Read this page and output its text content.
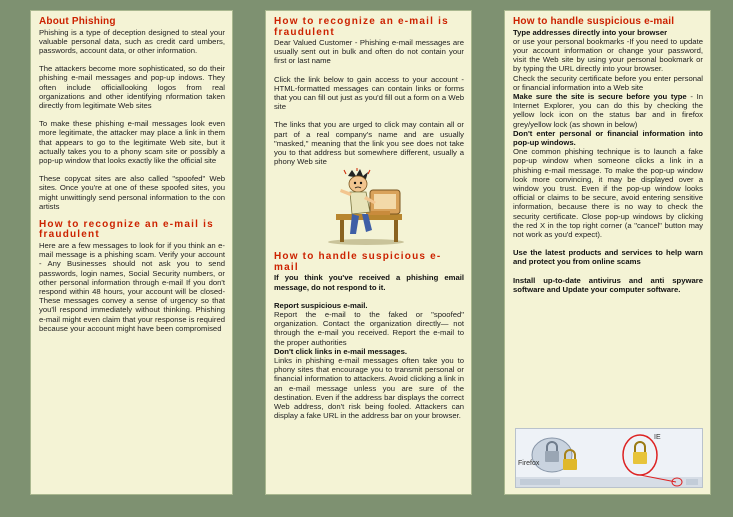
About Phishing

Phishing is a type of deception designed to steal your valuable personal data, such as credit card umbers, passwords, account data, or other information.

The attackers become more sophisticated, so do their phishing e-mail messages and pop-up indows. They often include officiallooking logos from real organizations and other identifying nformation taken directly from legitimate Web sites

To make these phishing e-mail messages look even more legitimate, the attacker may place a link in them that appears to go to the legitimate Web site, but it actually takes you to a phony scam site or possibly a pop-up window that looks exactly like the official site

These copycat sites are also called "spoofed" Web sites. Once you're at one of these spoofed sites, you might unwittingly send personal information to the con artists

How to recognize an e-mail is fraudulent

Here are a few messages to look for if you think an e-mail message is a phishing scam. Verify your account - Any Businesses should not ask you to send passwords, login names, Social Security numbers, or other personal information through e-mail If you don't respond within 48 hours, your account will be closed- These messages convey a sense of urgency so that you'll respond immediately without thinking. Phishing e-mail might even claim that your response is required because your account might have been compromised

How to recognize an e-mail is fraudulent

Dear Valued Customer - Phishing e-mail messages are usually sent out in bulk and often do not contain your first or last name

Click the link below to gain access to your account - HTML-formatted messages can contain links or forms that you can fill out just as you'd fill out a form on a Web site

The links that you are urged to click may contain all or part of a real company's name and are usually "masked," meaning that the link you see does not take you to that address but somewhere different, usually a phony Web site

How to handle suspicious e-mail

If you think you've received a phishing email message, do not respond to it.

Report suspicious e-mail.
Report the e-mail to the faked or "spoofed" organization. Contact the organization directly— not through the e-mail you received. Report the e-mail to the proper authorities
Don't click links in e-mail messages.
Links in phishing e-mail messages often take you to phony sites that encourage you to transmit personal or financial information to attackers. Avoid clicking a link in an e-mail message unless you are sure of the destination. Even if the address bar displays the correct Web address, don't risk being fooled. Attackers can display a fake URL in the address bar on your browser.
How to handle suspicious e-mail
Type addresses directly into your browser
or use your personal bookmarks -If you need to update your account information or change your password, visit the Web site by using your personal bookmark or by typing the URL directly into your browser.
Check the security certificate before you enter personal or financial information into a Web site
Make sure the site is secure before you type - In Internet Explorer, you can do this by checking the yellow lock icon on the status bar and in firefox grey/yellow lock (as shown in below)
Don't enter personal or financial information into pop-up windows.

One common phishing technique is to launch a fake pop-up window when someone clicks a link in a phishing e-mail message. To make the pop-up window look more convincing, it may be displayed over a window you trust. Even if the pop-up window looks official or claims to be secure, avoid entering sensitive information, because there is no way to check the security certificate. Close pop-up windows by clicking the red X in the top right corner (a "cancel" button may not work as you'd expect).

Use the latest products and services to help warn and protect you from online scams

Install up-to-date antivirus and anti spyware software and Update your computer software.

Firefox
IE
